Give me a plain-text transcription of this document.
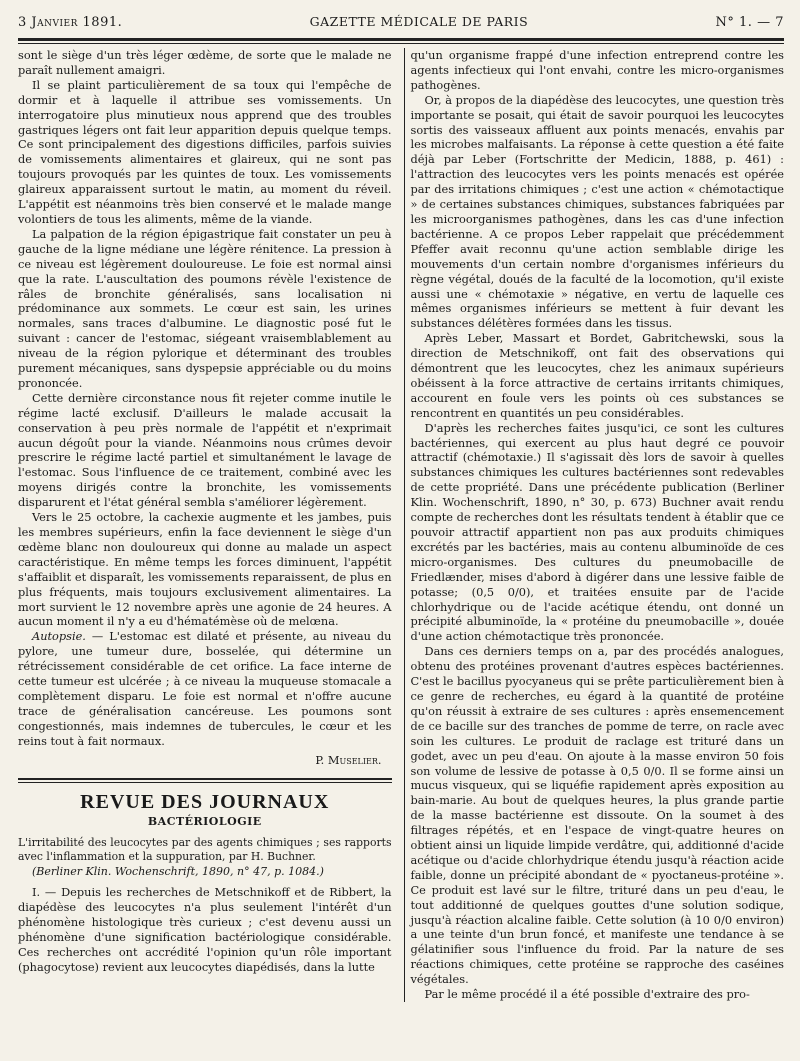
3 Janvier 1891.	GAZETTE MÉDICALE DE PARIS	N° 1. — 7

sont le siège d'un très léger œdème, de sorte que le malade ne paraît nullement amaigri.

Il se plaint particulièrement de sa toux qui l'empêche de dormir et à laquelle il attribue ses vomissements. Un interrogatoire plus minutieux nous apprend que des troubles gastriques légers ont fait leur apparition depuis quelque temps. Ce sont principalement des digestions difficiles, parfois suivies de vomissements alimentaires et glaireux, qui ne sont pas toujours provoqués par les quintes de toux. Les vomissements glaireux apparaissent surtout le matin, au moment du réveil. L'appétit est néanmoins très bien conservé et le malade mange volontiers de tous les aliments, même de la viande.

La palpation de la région épigastrique fait constater un peu à gauche de la ligne médiane une légère rénitence. La pression à ce niveau est légèrement douloureuse. Le foie est normal ainsi que la rate. L'auscultation des poumons révèle l'existence de râles de bronchite généralisés, sans localisation ni prédominance aux sommets. Le cœur est sain, les urines normales, sans traces d'albumine. Le diagnostic posé fut le suivant : cancer de l'estomac, siégeant vraisemblablement au niveau de la région pylorique et déterminant des troubles purement mécaniques, sans dyspepsie appréciable ou du moins prononcée.

Cette dernière circonstance nous fit rejeter comme inutile le régime lacté exclusif. D'ailleurs le malade accusait la conservation à peu près normale de l'appétit et n'exprimait aucun dégoût pour la viande. Néanmoins nous crûmes devoir prescrire le régime lacté partiel et simultanément le lavage de l'estomac. Sous l'influence de ce traitement, combiné avec les moyens dirigés contre la bronchite, les vomissements disparurent et l'état général sembla s'améliorer légèrement.

Vers le 25 octobre, la cachexie augmente et les jambes, puis les membres supérieurs, enfin la face deviennent le siège d'un œdème blanc non douloureux qui donne au malade un aspect caractéristique. En même temps les forces diminuent, l'appétit s'affaiblit et disparaît, les vomissements reparaissent, de plus en plus fréquents, mais toujours exclusivement alimentaires. La mort survient le 12 novembre après une agonie de 24 heures. A aucun moment il n'y a eu d'hématémèse où de melœna.

Autopsie. — L'estomac est dilaté et présente, au niveau du pylore, une tumeur dure, bosselée, qui détermine un rétrécissement considérable de cet orifice. La face interne de cette tumeur est ulcérée ; à ce niveau la muqueuse stomacale a complètement disparu. Le foie est normal et n'offre aucune trace de généralisation cancéreuse. Les poumons sont congestionnés, mais indemnes de tubercules, le cœur et les reins tout à fait normaux.

P. Muselier.
REVUE DES JOURNAUX
BACTÉRIOLOGIE
L'irritabilité des leucocytes par des agents chimiques ; ses rapports avec l'inflammation et la suppuration, par H. Buchner.
(Berliner Klin. Wochenschrift, 1890, n° 47, p. 1084.)

I. — Depuis les recherches de Metschnikoff et de Ribbert, la diapédèse des leucocytes n'a plus seulement l'intérêt d'un phénomène histologique très curieux ; c'est devenu aussi un phénomène d'une signification bactériologique considérable. Ces recherches ont accrédité l'opinion qu'un rôle important (phagocytose) revient aux leucocytes diapédisés, dans la lutte

qu'un organisme frappé d'une infection entreprend contre les agents infectieux qui l'ont envahi, contre les micro-organismes pathogènes.

Or, à propos de la diapédèse des leucocytes, une question très importante se posait, qui était de savoir pourquoi les leucocytes sortis des vaisseaux affluent aux points menacés, envahis par les microbes malfaisants. La réponse à cette question a été faite déjà par Leber (Fortschritte der Medicin, 1888, p. 461) : l'attraction des leucocytes vers les points menacés est opérée par des irritations chimiques ; c'est une action « chémotactique » de certaines substances chimiques, substances fabriquées par les microorganismes pathogènes, dans les cas d'une infection bactérienne. A ce propos Leber rappelait que précédemment Pfeffer avait reconnu qu'une action semblable dirige les mouvements d'un certain nombre d'organismes inférieurs du règne végétal, doués de la faculté de la locomotion, qu'il existe aussi une « chémotaxie » négative, en vertu de laquelle ces mêmes organismes inférieurs se mettent à fuir devant les substances délétères formées dans les tissus.

Après Leber, Massart et Bordet, Gabritchewski, sous la direction de Metschnikoff, ont fait des observations qui démontrent que les leucocytes, chez les animaux supérieurs obéissent à la force attractive de certains irritants chimiques, accourent en foule vers les points où ces substances se rencontrent en quantités un peu considérables.

D'après les recherches faites jusqu'ici, ce sont les cultures bactériennes, qui exercent au plus haut degré ce pouvoir attractif (chémotaxie.) Il s'agissait dès lors de savoir à quelles substances chimiques les cultures bactériennes sont redevables de cette propriété. Dans une précédente publication (Berliner Klin. Wochenschrift, 1890, n° 30, p. 673) Buchner avait rendu compte de recherches dont les résultats tendent à établir que ce pouvoir attractif appartient non pas aux produits chimiques excrétés par les bactéries, mais au contenu albuminoïde de ces micro-organismes. Des cultures du pneumobacille de Friedlænder, mises d'abord à digérer dans une lessive faible de potasse; (0,5 0/0), et traitées ensuite par de l'acide chlorhydrique ou de l'acide acétique étendu, ont donné un précipité albuminoïde, la « protéine du pneumobacille », douée d'une action chémotactique très prononcée.

Dans ces derniers temps on a, par des procédés analogues, obtenu des protéines provenant d'autres espèces bactériennes. C'est le bacillus pyocyaneus qui se prête particulièrement bien à ce genre de recherches, eu égard à la quantité de protéine qu'on réussit à extraire de ses cultures : après ensemencement de ce bacille sur des tranches de pomme de terre, on racle avec soin les cultures. Le produit de raclage est trituré dans un godet, avec un peu d'eau. On ajoute à la masse environ 50 fois son volume de lessive de potasse à 0,5 0/0. Il se forme ainsi un mucus visqueux, qui se liquéfie rapidement après exposition au bain-marie. Au bout de quelques heures, la plus grande partie de la masse bactérienne est dissoute. On la soumet à des filtrages répétés, et en l'espace de vingt-quatre heures on obtient ainsi un liquide limpide verdâtre, qui, additionné d'acide acétique ou d'acide chlorhydrique étendu jusqu'à réaction acide faible, donne un précipité abondant de « pyoctaneus-protéine ». Ce produit est lavé sur le filtre, trituré dans un peu d'eau, le tout additionné de quelques gouttes d'une solution sodique, jusqu'à réaction alcaline faible. Cette solution (à 10 0/0 environ) a une teinte d'un brun foncé, et manifeste une tendance à se gélatinifier sous l'influence du froid. Par la nature de ses réactions chimiques, cette protéine se rapproche des caséines végétales.

Par le même procédé il a été possible d'extraire des pro-
